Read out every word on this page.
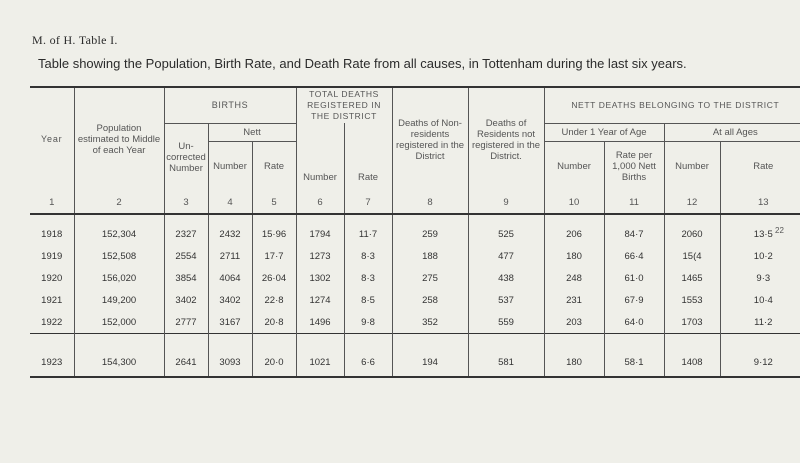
M. of H. Table I.
Table showing the Population, Birth Rate, and Death Rate from all causes, in Tottenham during the last six years.
22
Year	Population estimated to Middle of each Year	BIRTHS			TOTAL DEATHS REGISTERED IN THE DISTRICT		Deaths of Non-residents registered in the District	Deaths of Residents not registered in the District.	NETT DEATHS BELONGING TO THE DISTRICT			
		Un-corrected Number	Nett		Number	Rate			Under 1 Year of Age		At all Ages	
			Number	Rate					Number	Rate per 1,000 Nett Births	Number	Rate

1	2	3	4	5	6	7	8	9	10	11	12	13

1918	152,304	2327	2432	15·96	1794	11·7	259	525	206	84·7	2060	13·5
1919	152,508	2554	2711	17·7	1273	8·3	188	477	180	66·4	15(4	10·2
1920	156,020	3854	4064	26·04	1302	8·3	275	438	248	61·0	1465	9·3
1921	149,200	3402	3402	22·8	1274	8·5	258	537	231	67·9	1553	10·4
1922	152,000	2777	3167	20·8	1496	9·8	352	559	203	64·0	1703	11·2

1923	154,300	2641	3093	20·0	1021	6·6	194	581	180	58·1	1408	9·12
